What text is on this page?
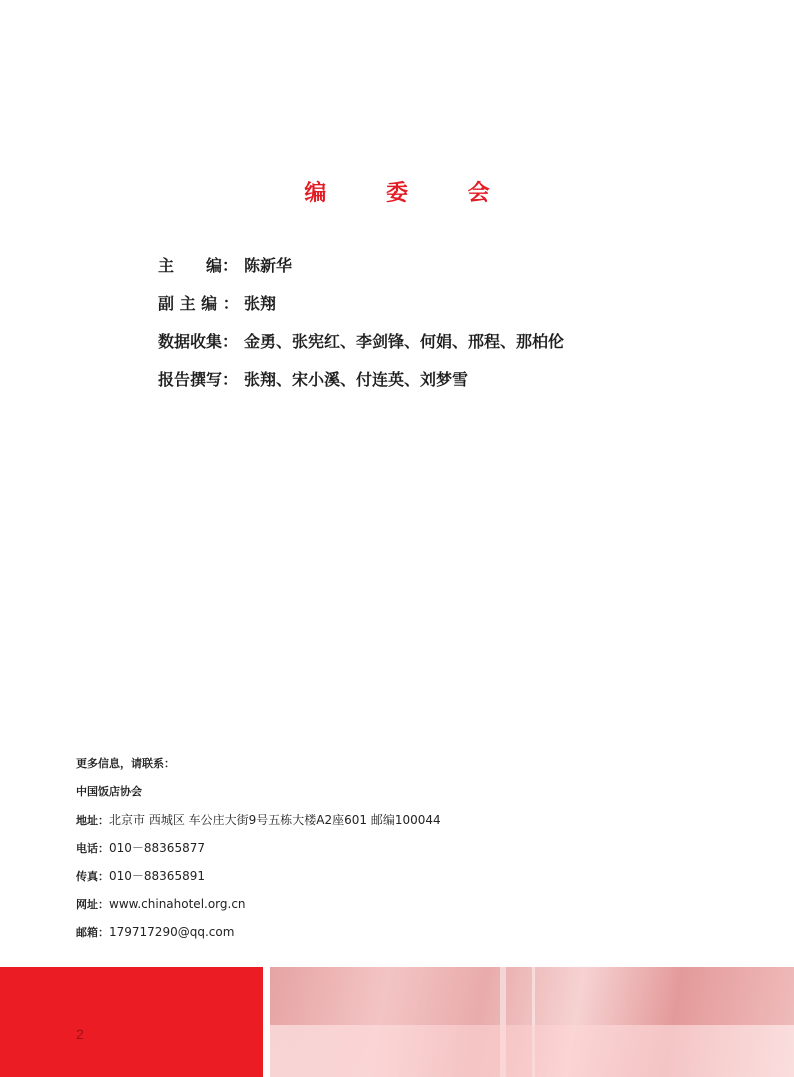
编 委 会
主　　编： 陈新华
副 主 编 ： 张翔
数据收集： 金勇、张宪红、李剑锋、何娟、邢程、那柏伦
报告撰写： 张翔、宋小溪、付连英、刘梦雪
更多信息，请联系：
中国饭店协会
地址：北京市 西城区 车公庄大街9号五栋大楼A2座601 邮编100044
电话：010－88365877
传真：010－88365891
网址：www.chinahotel.org.cn
邮箱：179717290@qq.com
2
